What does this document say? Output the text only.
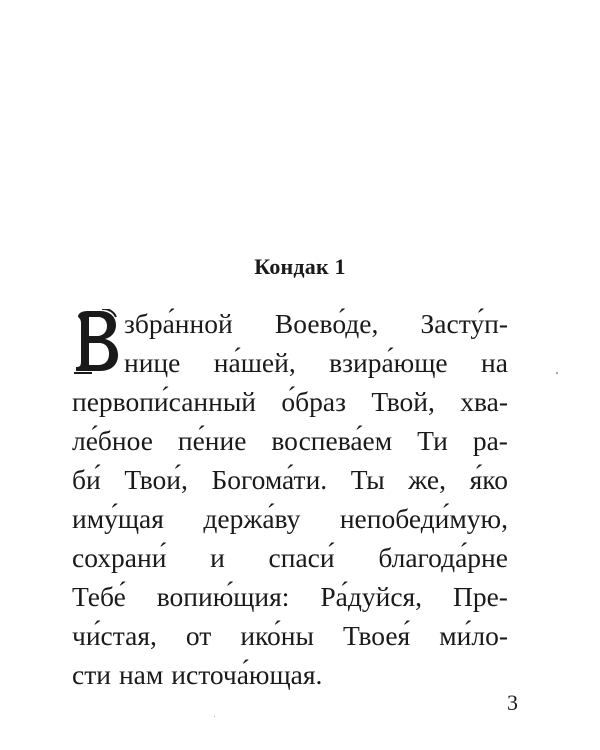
Кондак 1
збра́нной Воево́де, Засту́п-
нице на́шей, взира́юще на
первопи́санный о́браз Твой, хва-
ле́бное пе́ние воспева́ем Ти ра-
би́ Твои́, Богома́ти. Ты же, я́ко
иму́щая держа́ву непобеди́мую,
сохрани́ и спаси́ благода́рне
Тебе́ вопию́щия: Ра́дуйся, Пре-
чи́стая, от ико́ны Твоея́ ми́ло-
сти нам источа́ющая.
3
